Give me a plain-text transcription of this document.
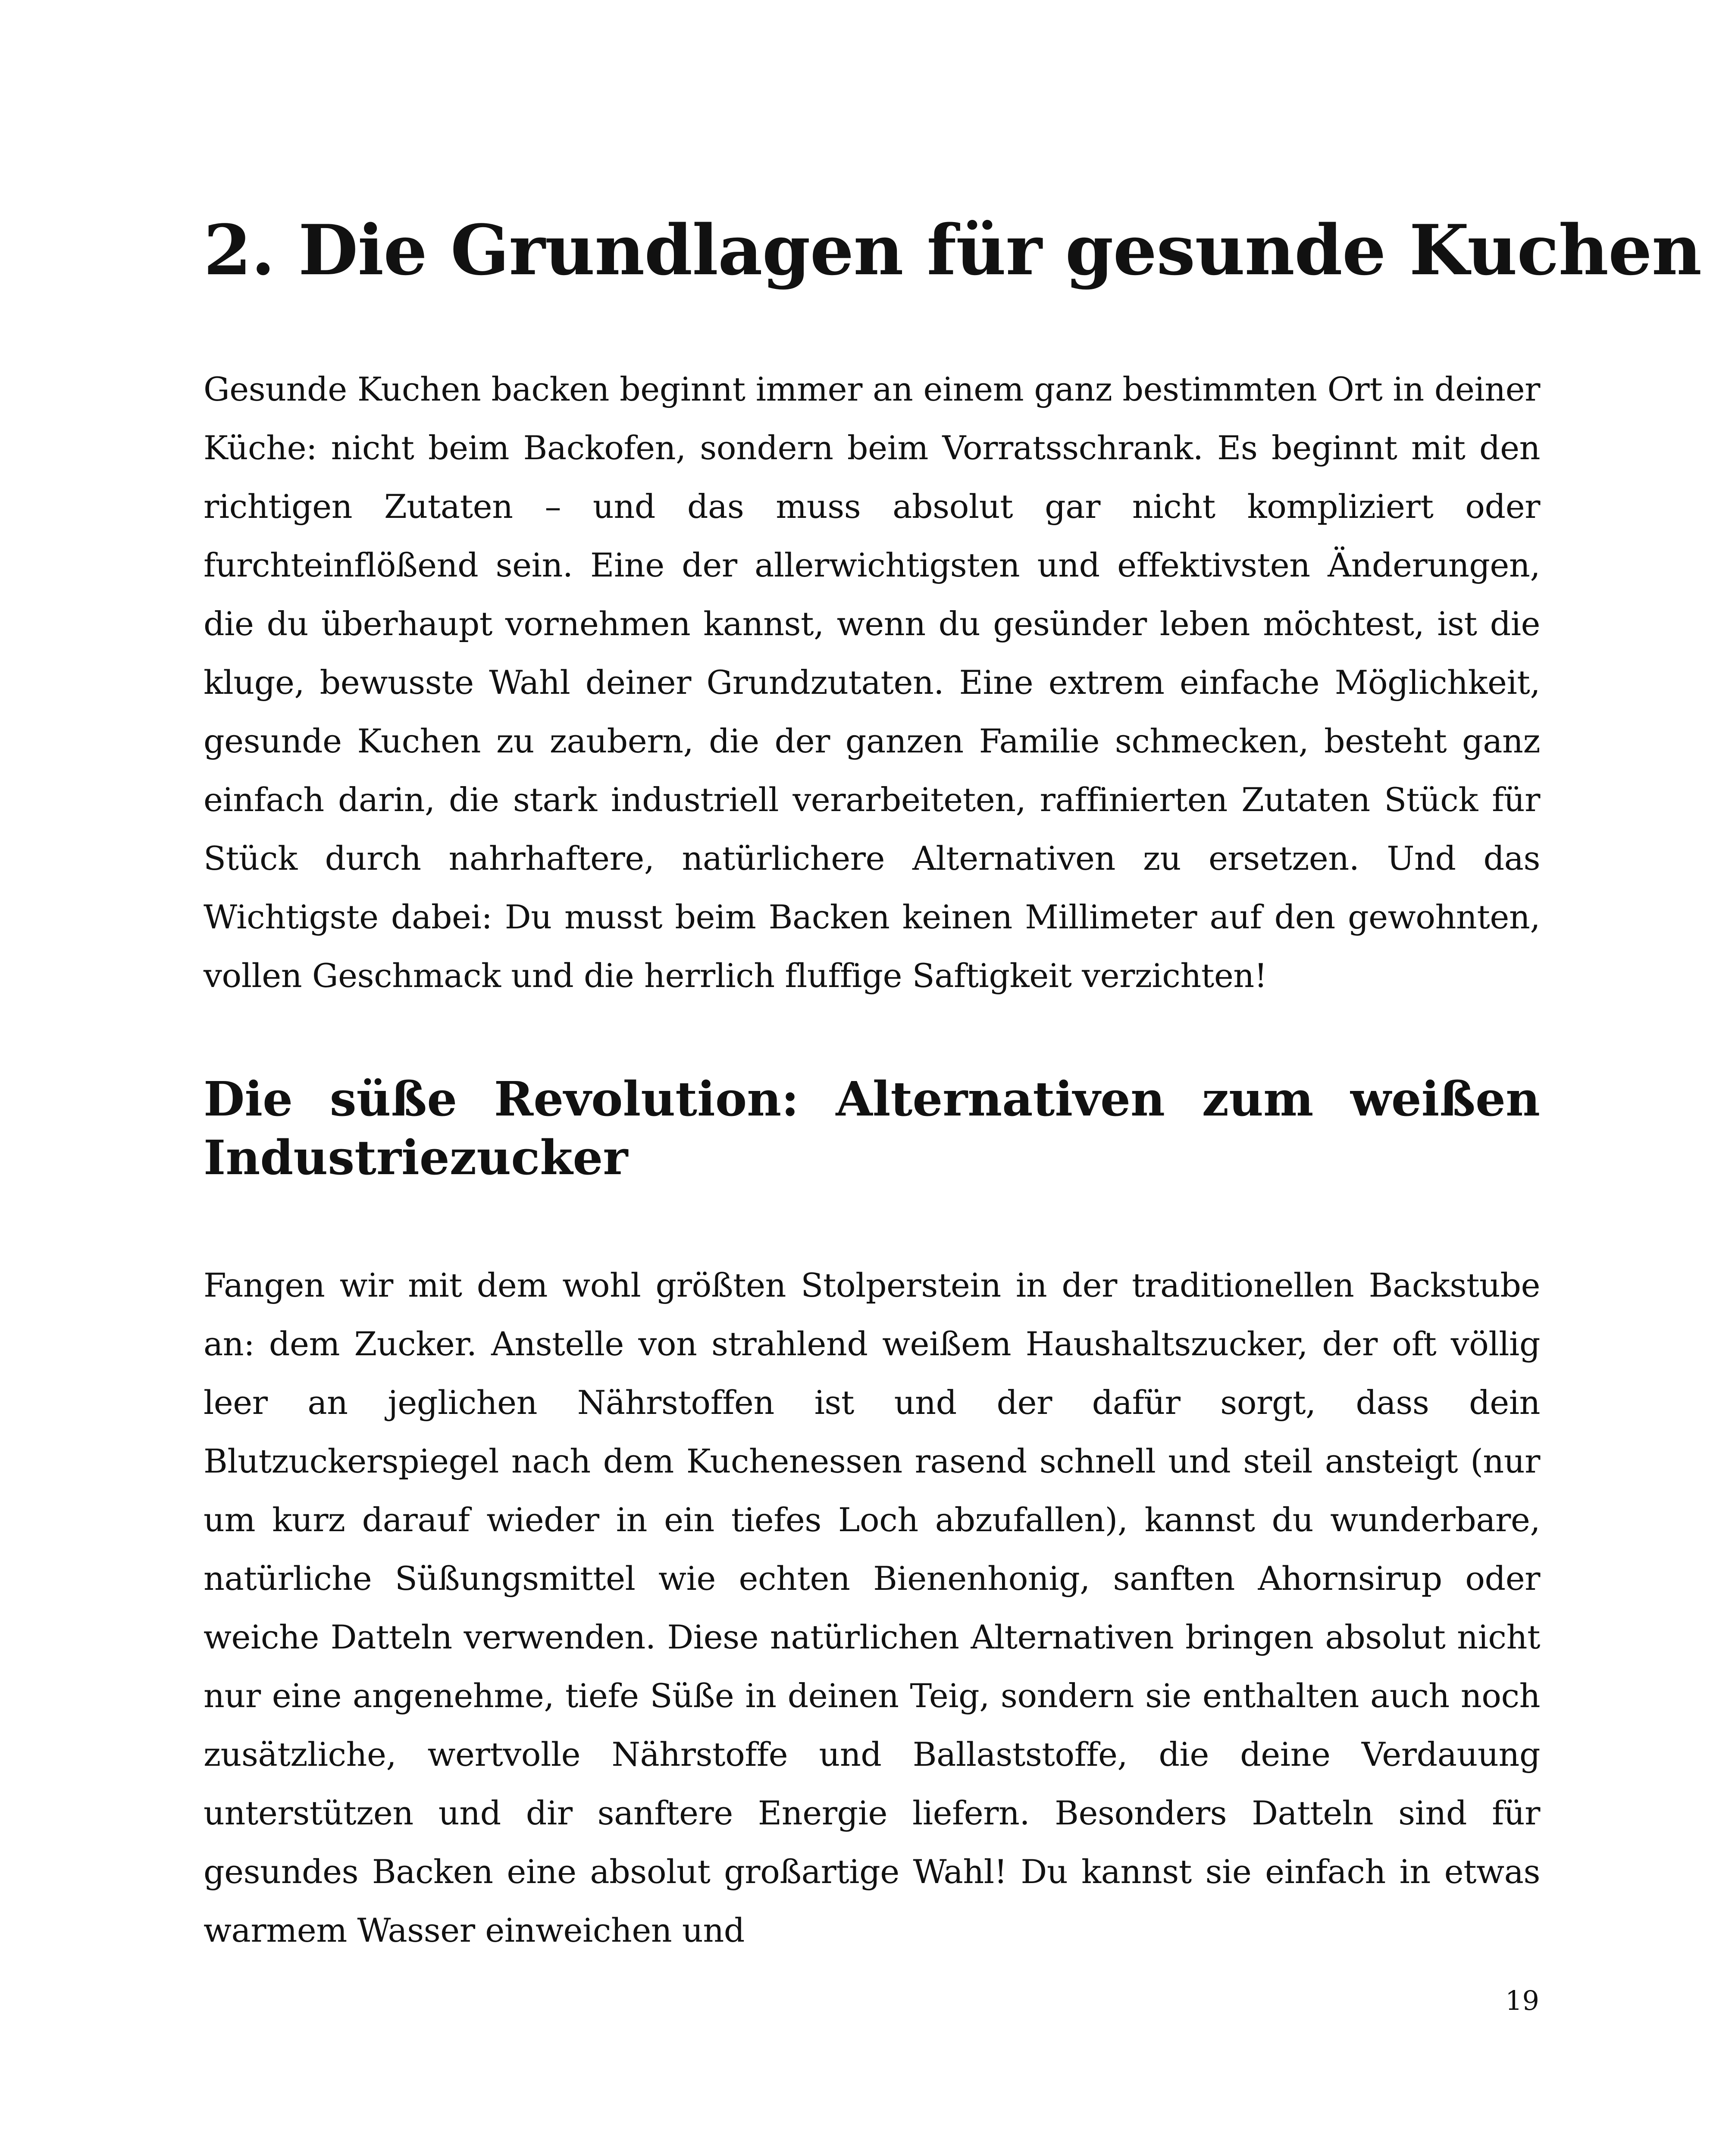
2. Die Grundlagen für gesunde Kuchen

Gesunde Kuchen backen beginnt immer an einem ganz bestimmten Ort in deiner Küche: nicht beim Backofen, sondern beim Vorratsschrank. Es beginnt mit den richtigen Zutaten – und das muss absolut gar nicht kompliziert oder furchteinflößend sein. Eine der allerwichtigsten und effektivsten Änderungen, die du überhaupt vornehmen kannst, wenn du gesünder leben möchtest, ist die kluge, bewusste Wahl deiner Grundzutaten. Eine extrem einfache Möglichkeit, gesunde Kuchen zu zaubern, die der ganzen Familie schmecken, besteht ganz einfach darin, die stark industriell verarbeiteten, raffinierten Zutaten Stück für Stück durch nahrhaftere, natürlichere Alternativen zu ersetzen. Und das Wichtigste dabei: Du musst beim Backen keinen Millimeter auf den gewohnten, vollen Geschmack und die herrlich fluffige Saftigkeit verzichten!

Die süße Revolution: Alternativen zum weißen Industriezucker

Fangen wir mit dem wohl größten Stolperstein in der traditionellen Backstube an: dem Zucker. Anstelle von strahlend weißem Haushaltszucker, der oft völlig leer an jeglichen Nährstoffen ist und der dafür sorgt, dass dein Blutzuckerspiegel nach dem Kuchenessen rasend schnell und steil ansteigt (nur um kurz darauf wieder in ein tiefes Loch abzufallen), kannst du wunderbare, natürliche Süßungsmittel wie echten Bienenhonig, sanften Ahornsirup oder weiche Datteln verwenden. Diese natürlichen Alternativen bringen absolut nicht nur eine angenehme, tiefe Süße in deinen Teig, sondern sie enthalten auch noch zusätzliche, wertvolle Nährstoffe und Ballaststoffe, die deine Verdauung unterstützen und dir sanftere Energie liefern. Besonders Datteln sind für gesundes Backen eine absolut großartige Wahl! Du kannst sie einfach in etwas warmem Wasser einweichen und

19
